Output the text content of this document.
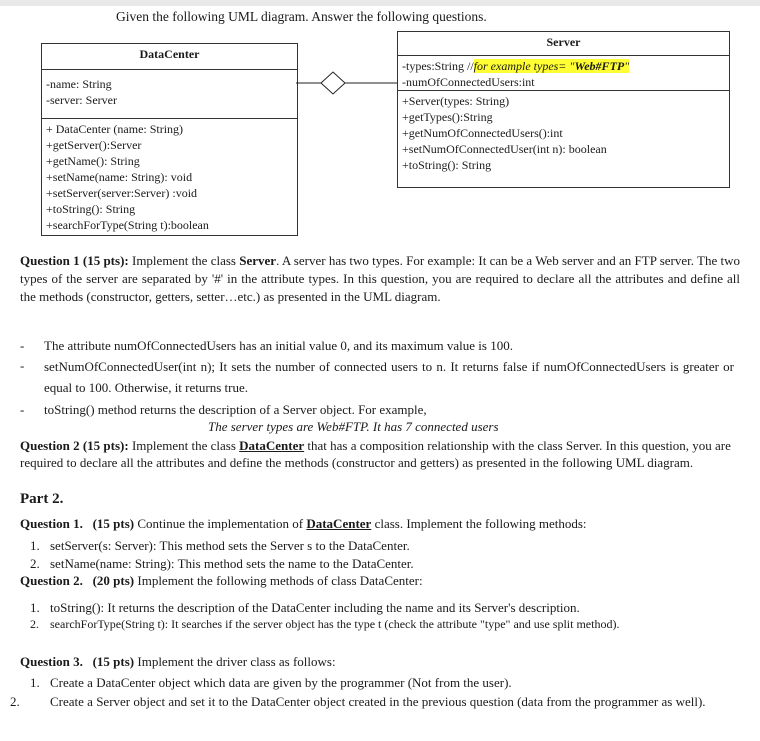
Given the following UML diagram. Answer the following questions.
DataCenter
-name: String
-server: Server
+ DataCenter (name: String)
+getServer():Server
+getName(): String
+setName(name: String): void
+setServer(server:Server) :void
+toString(): String
+searchForType(String t):boolean
Server
-types:String //for example types= "Web#FTP"
-numOfConnectedUsers:int
+Server(types: String)
+getTypes():String
+getNumOfConnectedUsers():int
+setNumOfConnectedUser(int n): boolean
+toString(): String
Question 1 (15 pts): Implement the class Server. A server has two types. For example: It can be a Web server and an FTP server. The two types of the server are separated by '#' in the attribute types. In this question, you are required to declare all the attributes and define all the methods (constructor, getters, setter…etc.) as presented in the UML diagram.
- The attribute numOfConnectedUsers has an initial value 0, and its maximum value is 100.
- setNumOfConnectedUser(int n); It sets the number of connected users to n. It returns false if numOfConnectedUsers is greater or equal to 100. Otherwise, it returns true.
- toString() method returns the description of a Server object. For example,
The server types are Web#FTP. It has 7 connected users
Question 2 (15 pts): Implement the class DataCenter that has a composition relationship with the class Server. In this question, you are required to declare all the attributes and define the methods (constructor and getters) as presented in the following UML diagram.
Part 2.
Question 1. (15 pts) Continue the implementation of DataCenter class. Implement the following methods:
1. setServer(s: Server): This method sets the Server s to the DataCenter.
2. setName(name: String): This method sets the name to the DataCenter.
Question 2. (20 pts) Implement the following methods of class DataCenter:
1. toString(): It returns the description of the DataCenter including the name and its Server's description.
2. searchForType(String t): It searches if the server object has the type t (check the attribute "type" and use split method).
Question 3. (15 pts) Implement the driver class as follows:
1. Create a DataCenter object which data are given by the programmer (Not from the user).
2. Create a Server object and set it to the DataCenter object created in the previous question (data from the programmer as well).
